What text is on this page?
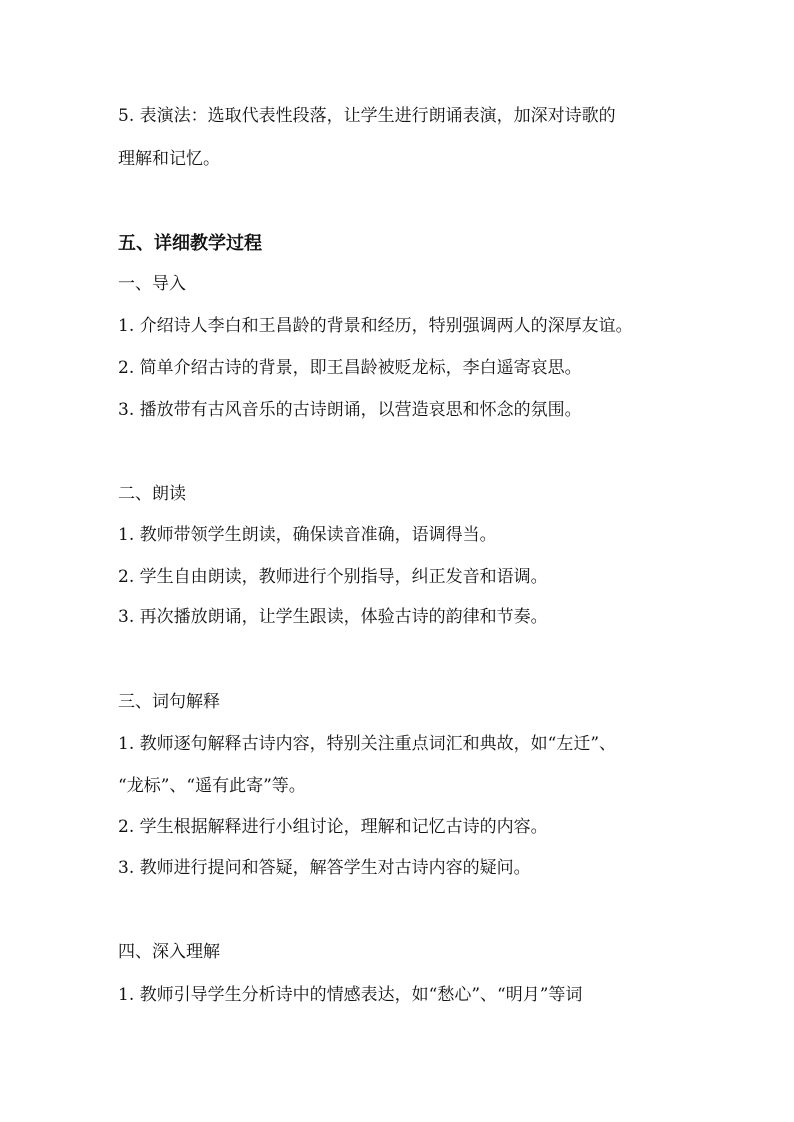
5. 表演法：选取代表性段落，让学生进行朗诵表演，加深对诗歌的
理解和记忆。
五、详细教学过程
一、导入
1. 介绍诗人李白和王昌龄的背景和经历，特别强调两人的深厚友谊。
2. 简单介绍古诗的背景，即王昌龄被贬龙标，李白遥寄哀思。
3. 播放带有古风音乐的古诗朗诵，以营造哀思和怀念的氛围。
二、朗读
1. 教师带领学生朗读，确保读音准确，语调得当。
2. 学生自由朗读，教师进行个别指导，纠正发音和语调。
3. 再次播放朗诵，让学生跟读，体验古诗的韵律和节奏。
三、词句解释
1. 教师逐句解释古诗内容，特别关注重点词汇和典故，如“左迁”、
“龙标”、“遥有此寄”等。
2. 学生根据解释进行小组讨论，理解和记忆古诗的内容。
3. 教师进行提问和答疑，解答学生对古诗内容的疑问。
四、深入理解
1. 教师引导学生分析诗中的情感表达，如“愁心”、“明月”等词
